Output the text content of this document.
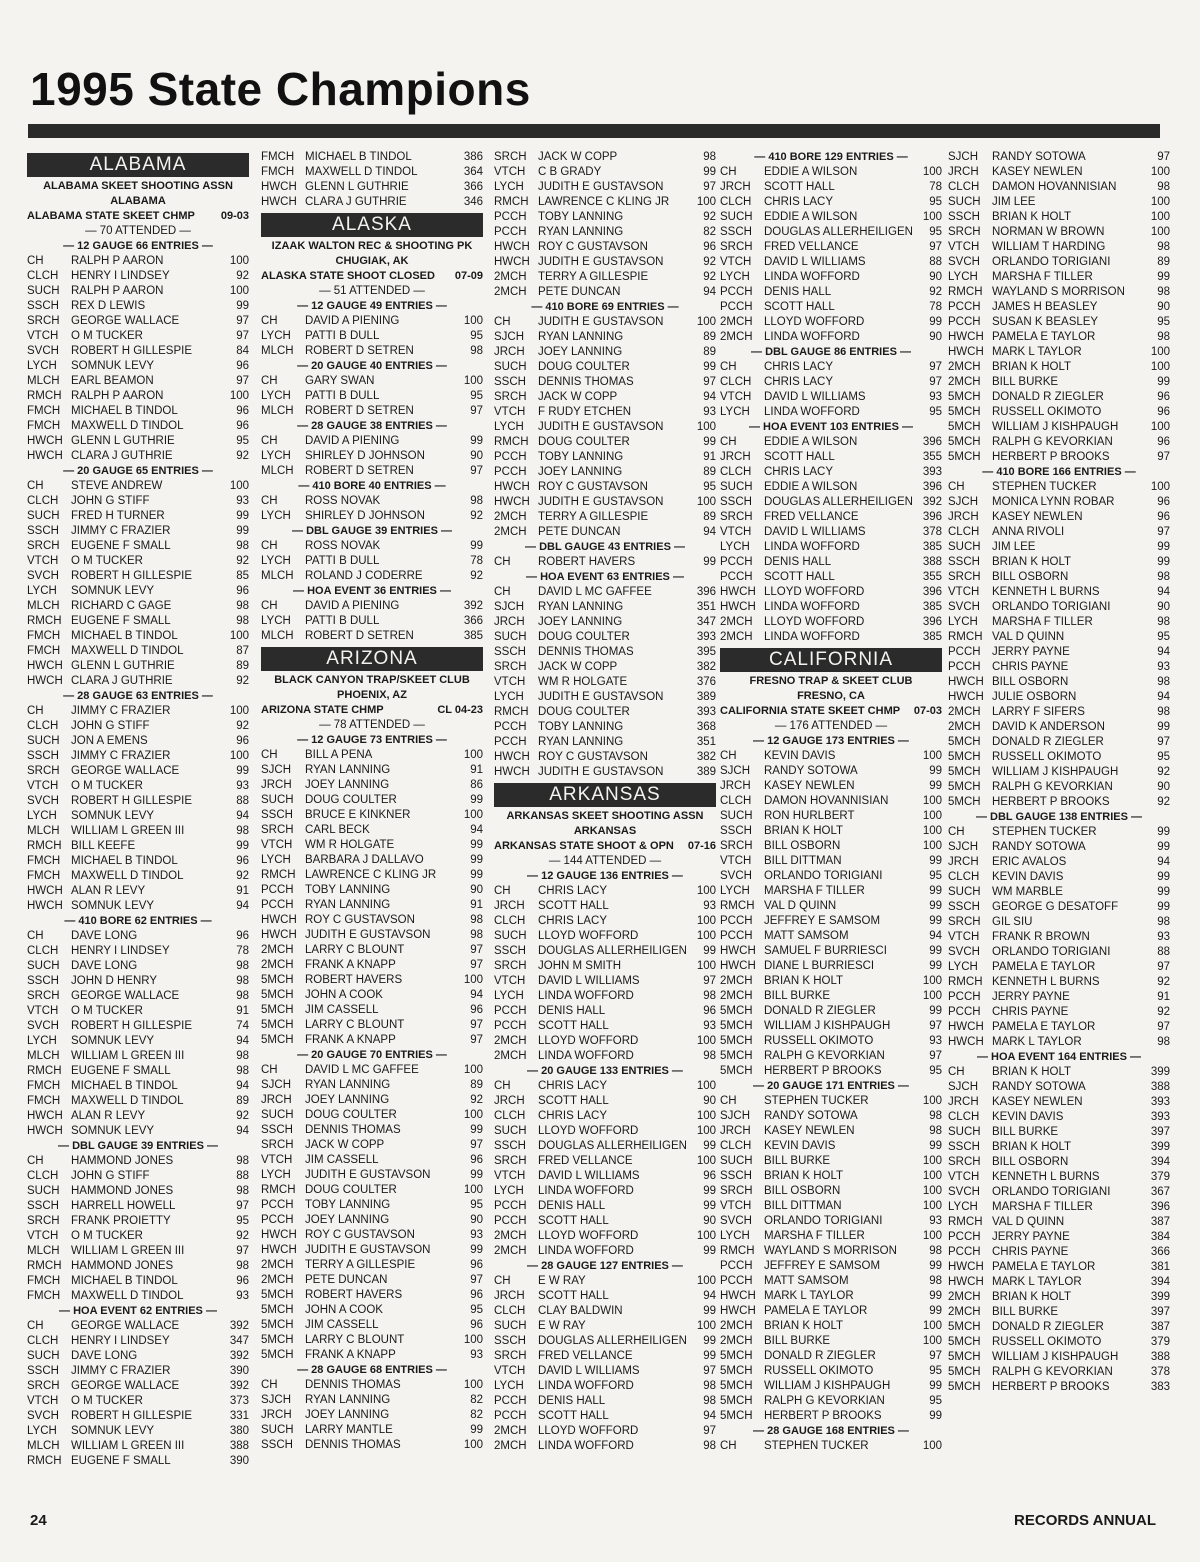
1995 State Champions
ALABAMA
ALABAMA SKEET SHOOTING ASSN
ALABAMA
ALABAMA STATE SKEET CHMP 09-03
— 70 ATTENDED —
— 12 GAUGE 66 ENTRIES —
CH	RALPH P AARON	100
CLCH	HENRY I LINDSEY	92
SUCH RALPH P AARON	100
SSCH	REX D LEWIS	99
SRCH GEORGE WALLACE	97
VTCH	O M TUCKER	97
SVCH	ROBERT H GILLESPIE	84
LYCH	SOMNUK LEVY	96
MLCH EARL BEAMON	97
RMCH RALPH P AARON	100
FMCH MICHAEL B TINDOL	96
FMCH MAXWELL D TINDOL	96
HWCH GLENN L GUTHRIE	95
HWCH CLARA J GUTHRIE	92
— 20 GAUGE 65 ENTRIES —
CH	STEVE ANDREW	100
CLCH	JOHN G STIFF	93
SUCH FRED H TURNER	99
SSCH	JIMMY C FRAZIER	99
SRCH EUGENE F SMALL	98
VTCH	O M TUCKER	92
SVCH	ROBERT H GILLESPIE	85
LYCH	SOMNUK LEVY	96
MLCH RICHARD C GAGE	98
RMCH EUGENE F SMALL	98
FMCH MICHAEL B TINDOL	100
FMCH MAXWELL D TINDOL	87
HWCH GLENN L GUTHRIE	89
HWCH CLARA J GUTHRIE	92
— 28 GAUGE 63 ENTRIES —
CH	JIMMY C FRAZIER	100
CLCH	JOHN G STIFF	92
SUCH JON A EMENS	96
SSCH	JIMMY C FRAZIER	100
SRCH GEORGE WALLACE	99
VTCH	O M TUCKER	93
SVCH	ROBERT H GILLESPIE	88
LYCH	SOMNUK LEVY	94
MLCH WILLIAM L GREEN III	98
RMCH BILL KEEFE	99
FMCH MICHAEL B TINDOL	96
FMCH MAXWELL D TINDOL	92
HWCH ALAN R LEVY	91
HWCH SOMNUK LEVY	94
— 410 BORE 62 ENTRIES —
CH	DAVE LONG	96
CLCH	HENRY I LINDSEY	78
SUCH DAVE LONG	98
SSCH	JOHN D HENRY	98
SRCH GEORGE WALLACE	98
VTCH	O M TUCKER	91
SVCH	ROBERT H GILLESPIE	74
LYCH	SOMNUK LEVY	94
MLCH WILLIAM L GREEN III	98
RMCH EUGENE F SMALL	98
FMCH MICHAEL B TINDOL	94
FMCH MAXWELL D TINDOL	89
HWCH ALAN R LEVY	92
HWCH SOMNUK LEVY	94
— DBL GAUGE 39 ENTRIES —
CH	HAMMOND JONES	98
CLCH	JOHN G STIFF	88
SUCH HAMMOND JONES	98
SSCH	HARRELL HOWELL	97
SRCH FRANK PROIETTY	95
VTCH	O M TUCKER	92
MLCH WILLIAM L GREEN III	97
RMCH HAMMOND JONES	98
FMCH MICHAEL B TINDOL	96
FMCH MAXWELL D TINDOL	93
— HOA EVENT 62 ENTRIES —
CH	GEORGE WALLACE	392
CLCH	HENRY I LINDSEY	347
SUCH DAVE LONG	392
SSCH	JIMMY C FRAZIER	390
SRCH GEORGE WALLACE	392
VTCH	O M TUCKER	373
SVCH	ROBERT H GILLESPIE	331
LYCH	SOMNUK LEVY	380
MLCH WILLIAM L GREEN III	388
RMCH EUGENE F SMALL	390
FMCH MICHAEL B TINDOL	386
FMCH MAXWELL D TINDOL	364
HWCH GLENN L GUTHRIE	366
HWCH CLARA J GUTHRIE	346
ALASKA
IZAAK WALTON REC & SHOOTING PK
CHUGIAK, AK
ALASKA STATE SHOOT CLOSED 07-09
— 51 ATTENDED —
— 12 GAUGE 49 ENTRIES —
CH	DAVID A PIENING	100
LYCH	PATTI B DULL	95
MLCH ROBERT D SETREN	98
— 20 GAUGE 40 ENTRIES —
CH	GARY SWAN	100
LYCH	PATTI B DULL	95
MLCH ROBERT D SETREN	97
— 28 GAUGE 38 ENTRIES —
CH	DAVID A PIENING	99
LYCH	SHIRLEY D JOHNSON	90
MLCH ROBERT D SETREN	97
— 410 BORE 40 ENTRIES —
CH	ROSS NOVAK	98
LYCH	SHIRLEY D JOHNSON	92
— DBL GAUGE 39 ENTRIES —
CH	ROSS NOVAK	99
LYCH	PATTI B DULL	78
MLCH ROLAND J CODERRE	92
— HOA EVENT 36 ENTRIES —
CH	DAVID A PIENING	392
LYCH	PATTI B DULL	366
MLCH ROBERT D SETREN	385
ARIZONA
BLACK CANYON TRAP/SKEET CLUB
PHOENIX, AZ
ARIZONA STATE CHMP	CL 04-23
— 78 ATTENDED —
— 12 GAUGE 73 ENTRIES —
CH	BILL A PENA	100
SJCH	RYAN LANNING	91
JRCH	JOEY LANNING	86
SUCH DOUG COULTER	99
SSCH	BRUCE E KINKNER	100
SRCH CARL BECK	94
VTCH	WM R HOLGATE	99
LYCH	BARBARA J DALLAVO	99
RMCH LAWRENCE C KLING JR	99
PCCH TOBY LANNING	90
PCCH RYAN LANNING	91
HWCH ROY C GUSTAVSON	98
HWCH JUDITH E GUSTAVSON	98
2MCH LARRY C BLOUNT	97
2MCH FRANK A KNAPP	97
5MCH ROBERT HAVERS	100
5MCH JOHN A COOK	94
5MCH JIM CASSELL	96
5MCH LARRY C BLOUNT	97
5MCH FRANK A KNAPP	97
— 20 GAUGE 70 ENTRIES —
CH	DAVID L MC GAFFEE	100
SJCH	RYAN LANNING	89
JRCH	JOEY LANNING	92
SUCH DOUG COULTER	100
SSCH	DENNIS THOMAS	99
SRCH JACK W COPP	97
VTCH	JIM CASSELL	96
LYCH	JUDITH E GUSTAVSON	99
RMCH DOUG COULTER	100
PCCH TOBY LANNING	95
PCCH JOEY LANNING	90
HWCH ROY C GUSTAVSON	93
HWCH JUDITH E GUSTAVSON	99
2MCH TERRY A GILLESPIE	96
2MCH PETE DUNCAN	97
5MCH ROBERT HAVERS	96
5MCH JOHN A COOK	95
5MCH JIM CASSELL	96
5MCH LARRY C BLOUNT	100
5MCH FRANK A KNAPP	93
— 28 GAUGE 68 ENTRIES —
CH	DENNIS THOMAS	100
SJCH	RYAN LANNING	82
JRCH	JOEY LANNING	82
SUCH LARRY MANTLE	99
SSCH	DENNIS THOMAS	100
SRCH JACK W COPP	98
VTCH	C B GRADY	99
LYCH	JUDITH E GUSTAVSON	97
RMCH LAWRENCE C KLING JR	100
PCCH TOBY LANNING	92
PCCH RYAN LANNING	82
HWCH ROY C GUSTAVSON	96
HWCH JUDITH E GUSTAVSON	92
2MCH TERRY A GILLESPIE	92
2MCH PETE DUNCAN	94
— 410 BORE 69 ENTRIES —
CH	JUDITH E GUSTAVSON	100
SJCH	RYAN LANNING	89
JRCH	JOEY LANNING	89
SUCH DOUG COULTER	99
SSCH	DENNIS THOMAS	97
SRCH JACK W COPP	94
VTCH	F RUDY ETCHEN	93
LYCH	JUDITH E GUSTAVSON	100
RMCH DOUG COULTER	99
PCCH TOBY LANNING	91
PCCH JOEY LANNING	89
HWCH ROY C GUSTAVSON	95
HWCH JUDITH E GUSTAVSON	100
2MCH TERRY A GILLESPIE	89
2MCH PETE DUNCAN	94
— DBL GAUGE 43 ENTRIES —
CH	ROBERT HAVERS	99
— HOA EVENT 63 ENTRIES —
CH	DAVID L MC GAFFEE	396
SJCH	RYAN LANNING	351
JRCH	JOEY LANNING	347
SUCH DOUG COULTER	393
SSCH	DENNIS THOMAS	395
SRCH JACK W COPP	382
VTCH	WM R HOLGATE	376
LYCH	JUDITH E GUSTAVSON	389
RMCH DOUG COULTER	393
PCCH TOBY LANNING	368
PCCH RYAN LANNING	351
HWCH ROY C GUSTAVSON	382
HWCH JUDITH E GUSTAVSON	389
ARKANSAS
ARKANSAS SKEET SHOOTING ASSN
ARKANSAS
ARKANSAS STATE SHOOT & OPN 07-16
— 144 ATTENDED —
— 12 GAUGE 136 ENTRIES —
CH	CHRIS LACY	100
JRCH	SCOTT HALL	93
CLCH	CHRIS LACY	100
SUCH LLOYD WOFFORD	100
SSCH	DOUGLAS ALLERHEILIGEN	99
SRCH JOHN M SMITH	100
VTCH	DAVID L WILLIAMS	97
LYCH	LINDA WOFFORD	98
PCCH DENIS HALL	96
PCCH SCOTT HALL	93
2MCH LLOYD WOFFORD	100
2MCH LINDA WOFFORD	98
— 20 GAUGE 133 ENTRIES —
CH	CHRIS LACY	100
JRCH	SCOTT HALL	90
CLCH	CHRIS LACY	100
SUCH LLOYD WOFFORD	100
SSCH	DOUGLAS ALLERHEILIGEN	99
SRCH FRED VELLANCE	100
VTCH	DAVID L WILLIAMS	96
LYCH	LINDA WOFFORD	99
PCCH DENIS HALL	99
PCCH SCOTT HALL	90
2MCH LLOYD WOFFORD	100
2MCH LINDA WOFFORD	99
— 28 GAUGE 127 ENTRIES —
CH	E W RAY	100
JRCH	SCOTT HALL	94
CLCH	CLAY BALDWIN	99
SUCH E W RAY	100
SSCH	DOUGLAS ALLERHEILIGEN	99
SRCH FRED VELLANCE	99
VTCH	DAVID L WILLIAMS	97
LYCH	LINDA WOFFORD	98
PCCH DENIS HALL	98
PCCH SCOTT HALL	94
2MCH LLOYD WOFFORD	97
2MCH LINDA WOFFORD	98
— 410 BORE 129 ENTRIES —
CH	EDDIE A WILSON	100
JRCH	SCOTT HALL	78
CLCH	CHRIS LACY	95
SUCH EDDIE A WILSON	100
SSCH	DOUGLAS ALLERHEILIGEN	95
SRCH FRED VELLANCE	97
VTCH	DAVID L WILLIAMS	88
LYCH	LINDA WOFFORD	90
PCCH DENIS HALL	92
PCCH SCOTT HALL	78
2MCH LLOYD WOFFORD	99
2MCH LINDA WOFFORD	90
— DBL GAUGE 86 ENTRIES —
CH	CHRIS LACY	97
CLCH	CHRIS LACY	97
VTCH	DAVID L WILLIAMS	93
LYCH	LINDA WOFFORD	95
— HOA EVENT 103 ENTRIES —
CH	EDDIE A WILSON	396
JRCH	SCOTT HALL	355
CLCH	CHRIS LACY	393
SUCH EDDIE A WILSON	396
SSCH	DOUGLAS ALLERHEILIGEN 392
SRCH FRED VELLANCE	396
VTCH	DAVID L WILLIAMS	378
LYCH	LINDA WOFFORD	385
PCCH DENIS HALL	388
PCCH SCOTT HALL	355
HWCH LLOYD WOFFORD	396
HWCH LINDA WOFFORD	385
2MCH LLOYD WOFFORD	396
2MCH LINDA WOFFORD	385
CALIFORNIA
FRESNO TRAP & SKEET CLUB
FRESNO, CA
CALIFORNIA STATE SKEET CHMP 07-03
— 176 ATTENDED —
— 12 GAUGE 173 ENTRIES —
CH	KEVIN DAVIS	100
SJCH	RANDY SOTOWA	99
JRCH	KASEY NEWLEN	99
CLCH	DAMON HOVANNISIAN	100
SUCH RON HURLBERT	100
SSCH	BRIAN K HOLT	100
SRCH BILL OSBORN	100
VTCH	BILL DITTMAN	99
SVCH	ORLANDO TORIGIANI	95
LYCH	MARSHA F TILLER	99
RMCH VAL D QUINN	99
PCCH JEFFREY E SAMSOM	99
PCCH MATT SAMSOM	94
HWCH SAMUEL F BURRIESCI	99
HWCH DIANE L BURRIESCI	99
2MCH BRIAN K HOLT	100
2MCH BILL BURKE	100
5MCH DONALD R ZIEGLER	99
5MCH WILLIAM J KISHPAUGH	97
5MCH RUSSELL OKIMOTO	93
5MCH RALPH G KEVORKIAN	97
5MCH HERBERT P BROOKS	95
— 20 GAUGE 171 ENTRIES —
CH	STEPHEN TUCKER	100
SJCH	RANDY SOTOWA	98
JRCH	KASEY NEWLEN	98
CLCH	KEVIN DAVIS	99
SUCH BILL BURKE	100
SSCH	BRIAN K HOLT	100
SRCH BILL OSBORN	100
VTCH	BILL DITTMAN	100
SVCH	ORLANDO TORIGIANI	93
LYCH	MARSHA F TILLER	100
RMCH WAYLAND S MORRISON	98
PCCH JEFFREY E SAMSOM	99
PCCH MATT SAMSOM	98
HWCH MARK L TAYLOR	99
HWCH PAMELA E TAYLOR	99
2MCH BRIAN K HOLT	100
2MCH BILL BURKE	100
5MCH DONALD R ZIEGLER	97
5MCH RUSSELL OKIMOTO	95
5MCH WILLIAM J KISHPAUGH	99
5MCH RALPH G KEVORKIAN	95
5MCH HERBERT P BROOKS	99
— 28 GAUGE 168 ENTRIES —
CH	STEPHEN TUCKER	100
SJCH	RANDY SOTOWA	97
JRCH	KASEY NEWLEN	100
CLCH	DAMON HOVANNISIAN	98
SUCH JIM LEE	100
SSCH	BRIAN K HOLT	100
SRCH NORMAN W BROWN	100
VTCH	WILLIAM T HARDING	98
SVCH	ORLANDO TORIGIANI	89
LYCH	MARSHA F TILLER	99
RMCH WAYLAND S MORRISON	98
PCCH JAMES H BEASLEY	90
PCCH SUSAN K BEASLEY	95
HWCH PAMELA E TAYLOR	98
HWCH MARK L TAYLOR	100
2MCH BRIAN K HOLT	100
2MCH BILL BURKE	99
5MCH DONALD R ZIEGLER	96
5MCH RUSSELL OKIMOTO	96
5MCH WILLIAM J KISHPAUGH	100
5MCH RALPH G KEVORKIAN	96
5MCH HERBERT P BROOKS	97
— 410 BORE 166 ENTRIES —
CH	STEPHEN TUCKER	100
SJCH	MONICA LYNN ROBAR	96
JRCH	KASEY NEWLEN	96
CLCH	ANNA RIVOLI	97
SUCH JIM LEE	99
SSCH	BRIAN K HOLT	99
SRCH BILL OSBORN	98
VTCH	KENNETH L BURNS	94
SVCH	ORLANDO TORIGIANI	90
LYCH	MARSHA F TILLER	98
RMCH VAL D QUINN	95
PCCH JERRY PAYNE	94
PCCH CHRIS PAYNE	93
HWCH BILL OSBORN	98
HWCH JULIE OSBORN	94
2MCH LARRY F SIFERS	98
2MCH DAVID K ANDERSON	99
5MCH DONALD R ZIEGLER	97
5MCH RUSSELL OKIMOTO	95
5MCH WILLIAM J KISHPAUGH	92
5MCH RALPH G KEVORKIAN	90
5MCH HERBERT P BROOKS	92
— DBL GAUGE 138 ENTRIES —
CH	STEPHEN TUCKER	99
SJCH	RANDY SOTOWA	99
JRCH	ERIC AVALOS	94
CLCH	KEVIN DAVIS	99
SUCH WM MARBLE	99
SSCH	GEORGE G DESATOFF	99
SRCH GIL SIU	98
VTCH	FRANK R BROWN	93
SVCH	ORLANDO TORIGIANI	88
LYCH	PAMELA E TAYLOR	97
RMCH KENNETH L BURNS	92
PCCH JERRY PAYNE	91
PCCH CHRIS PAYNE	92
HWCH PAMELA E TAYLOR	97
HWCH MARK L TAYLOR	98
— HOA EVENT 164 ENTRIES —
CH	BRIAN K HOLT	399
SJCH	RANDY SOTOWA	388
JRCH	KASEY NEWLEN	393
CLCH	KEVIN DAVIS	393
SUCH BILL BURKE	397
SSCH	BRIAN K HOLT	399
SRCH BILL OSBORN	394
VTCH	KENNETH L BURNS	379
SVCH	ORLANDO TORIGIANI	367
LYCH	MARSHA F TILLER	396
RMCH VAL D QUINN	387
PCCH JERRY PAYNE	384
PCCH CHRIS PAYNE	366
HWCH PAMELA E TAYLOR	381
HWCH MARK L TAYLOR	394
2MCH BRIAN K HOLT	399
2MCH BILL BURKE	397
5MCH DONALD R ZIEGLER	387
5MCH RUSSELL OKIMOTO	379
5MCH WILLIAM J KISHPAUGH	388
5MCH RALPH G KEVORKIAN	378
5MCH HERBERT P BROOKS	383
24	RECORDS ANNUAL
